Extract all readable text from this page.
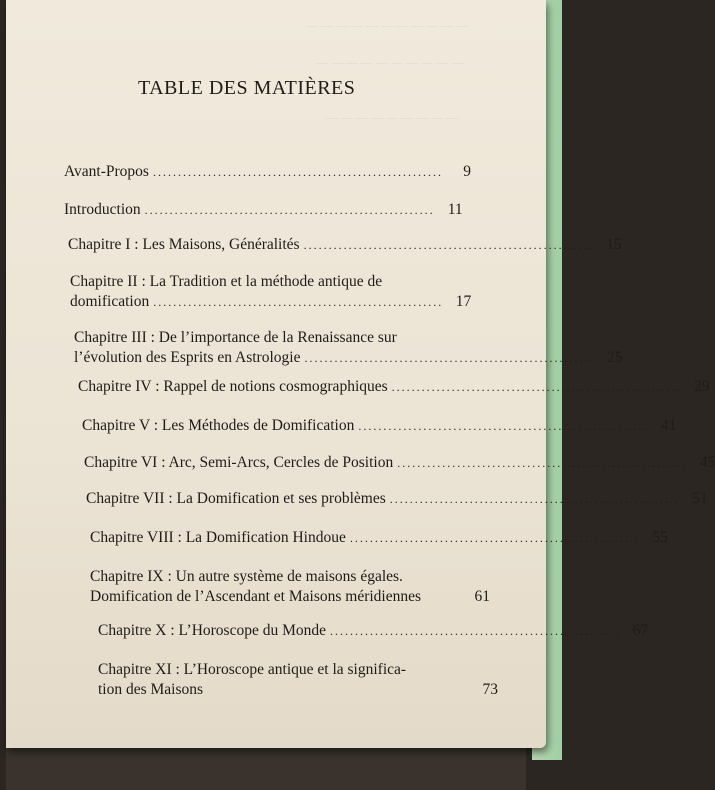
— — — — — — — — — — —
— — — — — — — — — —
— — — — — — — — —
TABLE DES MATIÈRES
Avant-Propos ..........................................................	9
Introduction .......................................................... 11
Chapitre I : Les Maisons, Généralités .......................................................... 15
Chapitre II : La Tradition et la méthode antique de
domification .......................................................... 17
Chapitre III : De l’importance de la Renaissance sur
l’évolution des Esprits en Astrologie .......................................................... 25
Chapitre IV : Rappel de notions cosmographiques .......................................................... 29
Chapitre V : Les Méthodes de Domification .......................................................... 41
Chapitre VI : Arc, Semi-Arcs, Cercles de Position .......................................................... 45
Chapitre VII : La Domification et ses problèmes .......................................................... 51
Chapitre VIII : La Domification Hindoue .......................................................... 55
Chapitre IX : Un autre système de maisons égales.
Domification de l’Ascendant et Maisons méridiennes	61
Chapitre X : L’Horoscope du Monde .......................................................... 67
Chapitre XI : L’Horoscope antique et la significa-
tion des Maisons	73
